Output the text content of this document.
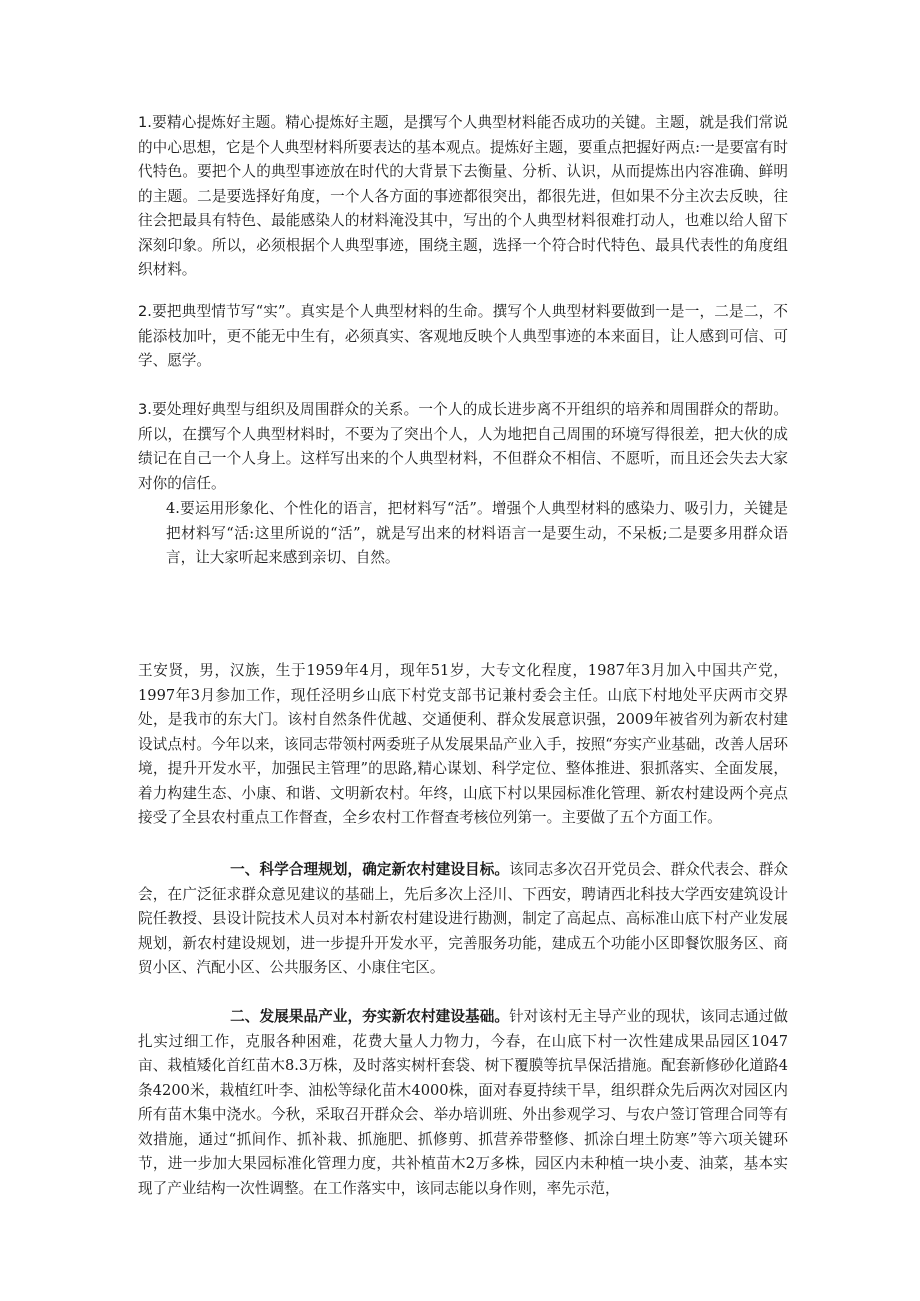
1.要精心提炼好主题。精心提炼好主题，是撰写个人典型材料能否成功的关键。主题，就是我们常说的中心思想，它是个人典型材料所要表达的基本观点。提炼好主题，要重点把握好两点:一是要富有时代特色。要把个人的典型事迹放在时代的大背景下去衡量、分析、认识，从而提炼出内容准确、鲜明的主题。二是要选择好角度，一个人各方面的事迹都很突出，都很先进，但如果不分主次去反映，往往会把最具有特色、最能感染人的材料淹没其中，写出的个人典型材料很难打动人，也难以给人留下深刻印象。所以，必须根据个人典型事迹，围绕主题，选择一个符合时代特色、最具代表性的角度组织材料。

2.要把典型情节写“实”。真实是个人典型材料的生命。撰写个人典型材料要做到一是一，二是二，不能添枝加叶，更不能无中生有，必须真实、客观地反映个人典型事迹的本来面目，让人感到可信、可学、愿学。

3.要处理好典型与组织及周围群众的关系。一个人的成长进步离不开组织的培养和周围群众的帮助。所以，在撰写个人典型材料时，不要为了突出个人，人为地把自己周围的环境写得很差，把大伙的成绩记在自己一个人身上。这样写出来的个人典型材料，不但群众不相信、不愿听，而且还会失去大家对你的信任。

4.要运用形象化、个性化的语言，把材料写“活”。增强个人典型材料的感染力、吸引力，关键是把材料写“活:这里所说的“活”，就是写出来的材料语言一是要生动，不呆板;二是要多用群众语言，让大家听起来感到亲切、自然。

王安贤，男，汉族，生于1959年4月，现年51岁，大专文化程度，1987年3月加入中国共产党，1997年3月参加工作，现任泾明乡山底下村党支部书记兼村委会主任。山底下村地处平庆两市交界处，是我市的东大门。该村自然条件优越、交通便利、群众发展意识强，2009年被省列为新农村建设试点村。今年以来，该同志带领村两委班子从发展果品产业入手，按照“夯实产业基础，改善人居环境，提升开发水平，加强民主管理”的思路,精心谋划、科学定位、整体推进、狠抓落实、全面发展，着力构建生态、小康、和谐、文明新农村。年终，山底下村以果园标准化管理、新农村建设两个亮点接受了全县农村重点工作督查，全乡农村工作督查考核位列第一。主要做了五个方面工作。

一、科学合理规划，确定新农村建设目标。该同志多次召开党员会、群众代表会、群众会，在广泛征求群众意见建议的基础上，先后多次上泾川、下西安，聘请西北科技大学西安建筑设计院任教授、县设计院技术人员对本村新农村建设进行勘测，制定了高起点、高标准山底下村产业发展规划，新农村建设规划，进一步提升开发水平，完善服务功能，建成五个功能小区即餐饮服务区、商贸小区、汽配小区、公共服务区、小康住宅区。

二、发展果品产业，夯实新农村建设基础。针对该村无主导产业的现状，该同志通过做扎实过细工作，克服各种困难，花费大量人力物力，今春，在山底下村一次性建成果品园区1047亩、栽植矮化首红苗木8.3万株，及时落实树杆套袋、树下覆膜等抗旱保活措施。配套新修砂化道路4条4200米，栽植红叶李、油松等绿化苗木4000株，面对春夏持续干旱，组织群众先后两次对园区内所有苗木集中浇水。今秋，采取召开群众会、举办培训班、外出参观学习、与农户签订管理合同等有效措施，通过“抓间作、抓补栽、抓施肥、抓修剪、抓营养带整修、抓涂白埋土防寒”等六项关键环节，进一步加大果园标准化管理力度，共补植苗木2万多株，园区内未种植一块小麦、油菜，基本实现了产业结构一次性调整。在工作落实中，该同志能以身作则，率先示范，
